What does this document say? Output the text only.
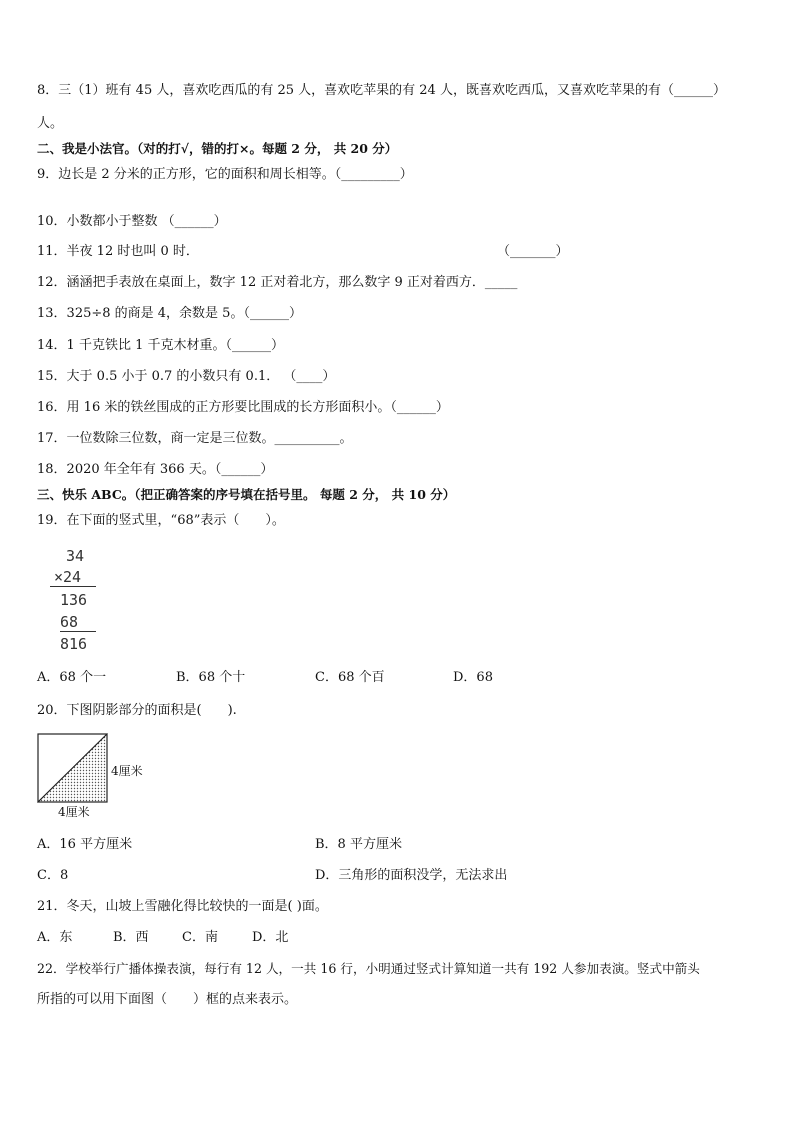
8．三（1）班有 45 人，喜欢吃西瓜的有 25 人，喜欢吃苹果的有 24 人，既喜欢吃西瓜，又喜欢吃苹果的有（______）
人。
二、我是小法官。（对的打√，错的打×。每题 2 分， 共 20 分）
9．边长是 2 分米的正方形，它的面积和周长相等。（_________）
10．小数都小于整数 （______）
11．半夜 12 时也叫 0 时．	（_______）
12．涵涵把手表放在桌面上，数字 12 正对着北方，那么数字 9 正对着西方．_____
13．325÷8 的商是 4，余数是 5。（______）
14．1 千克铁比 1 千克木材重。（______）
15．大于 0.5 小于 0.7 的小数只有 0.1． （____）
16．用 16 米的铁丝围成的正方形要比围成的长方形面积小。（______）
17．一位数除三位数，商一定是三位数。__________。
18．2020 年全年有 366 天。（______）
三、快乐 ABC。（把正确答案的序号填在括号里。 每题 2 分， 共 10 分）
19．在下面的竖式里，“68”表示（　　）。
34
×24
136
68
816
A．68 个一	B．68 个十	C．68 个百	D．68
20．下图阴影部分的面积是(　　).
4厘米
4厘米
A．16 平方厘米	B．8 平方厘米
C．8	D．三角形的面积没学，无法求出
21．冬天，山坡上雪融化得比较快的一面是( )面。
A．东	B．西	C．南	D．北
22．学校举行广播体操表演，每行有 12 人，一共 16 行，小明通过竖式计算知道一共有 192 人参加表演。竖式中箭头
所指的可以用下面图（　　）框的点来表示。
